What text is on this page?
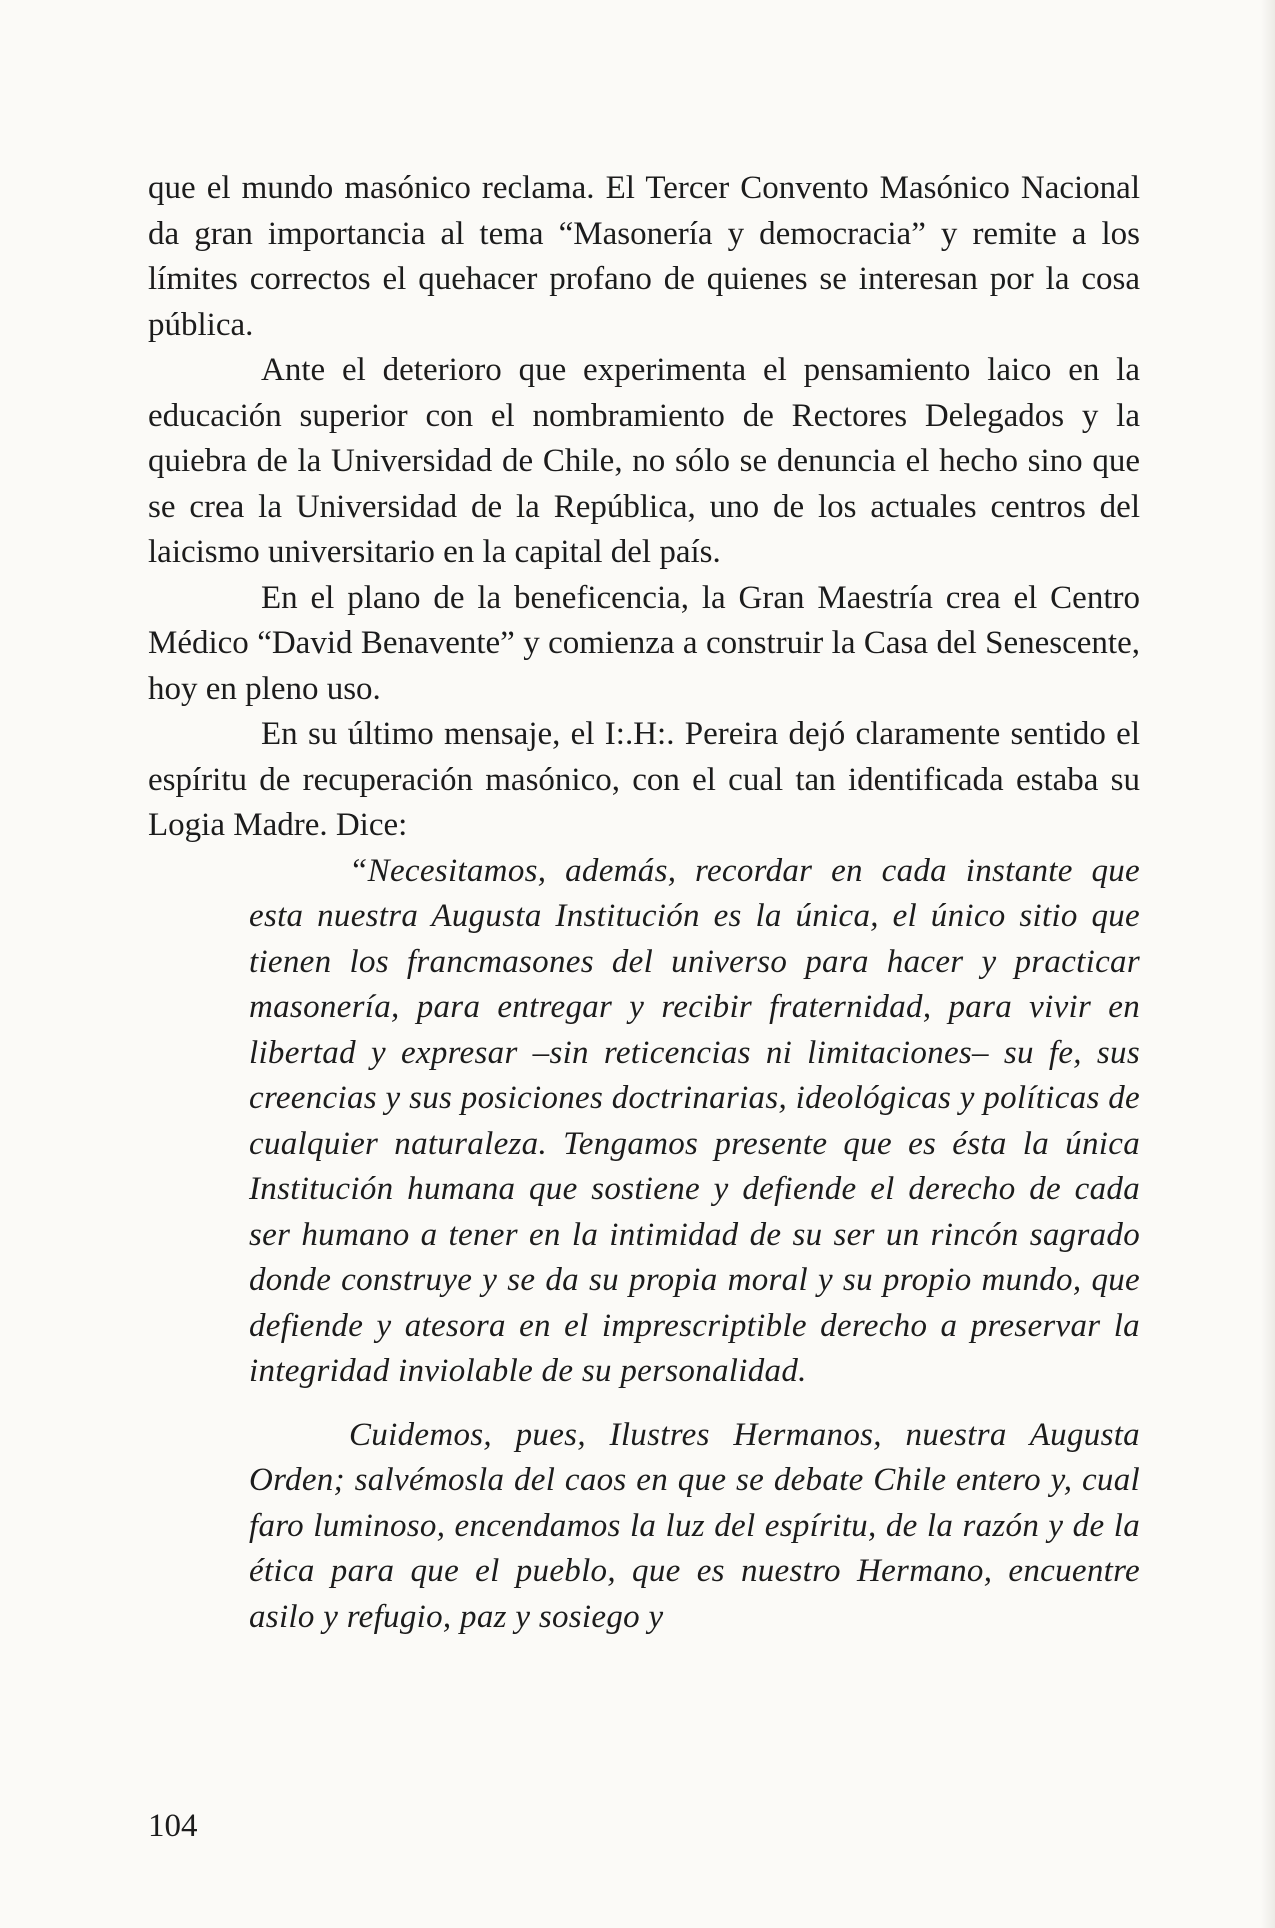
que el mundo masónico reclama. El Tercer Convento Masónico Nacional da gran importancia al tema “Masonería y democracia” y remite a los límites correctos el quehacer profano de quienes se interesan por la cosa pública.

Ante el deterioro que experimenta el pensamiento laico en la educación superior con el nombramiento de Rectores Delegados y la quiebra de la Universidad de Chile, no sólo se denuncia el hecho sino que se crea la Universidad de la República, uno de los actuales centros del laicismo universitario en la capital del país.

En el plano de la beneficencia, la Gran Maestría crea el Centro Médico “David Benavente” y comienza a construir la Casa del Senescente, hoy en pleno uso.

En su último mensaje, el I:.H:. Pereira dejó claramente sentido el espíritu de recuperación masónico, con el cual tan identificada estaba su Logia Madre. Dice:

“Necesitamos, además, recordar en cada instante que esta nuestra Augusta Institución es la única, el único sitio que tienen los francmasones del universo para hacer y practicar masonería, para entregar y recibir fraternidad, para vivir en libertad y expresar –sin reticencias ni limitaciones– su fe, sus creencias y sus posiciones doctrinarias, ideológicas y políticas de cualquier naturaleza. Tengamos presente que es ésta la única Institución humana que sostiene y defiende el derecho de cada ser humano a tener en la intimidad de su ser un rincón sagrado donde construye y se da su propia moral y su propio mundo, que defiende y atesora en el imprescriptible derecho a preservar la integridad inviolable de su personalidad.

Cuidemos, pues, Ilustres Hermanos, nuestra Augusta Orden; salvémosla del caos en que se debate Chile entero y, cual faro luminoso, encendamos la luz del espíritu, de la razón y de la ética para que el pueblo, que es nuestro Hermano, encuentre asilo y refugio, paz y sosiego y

104
